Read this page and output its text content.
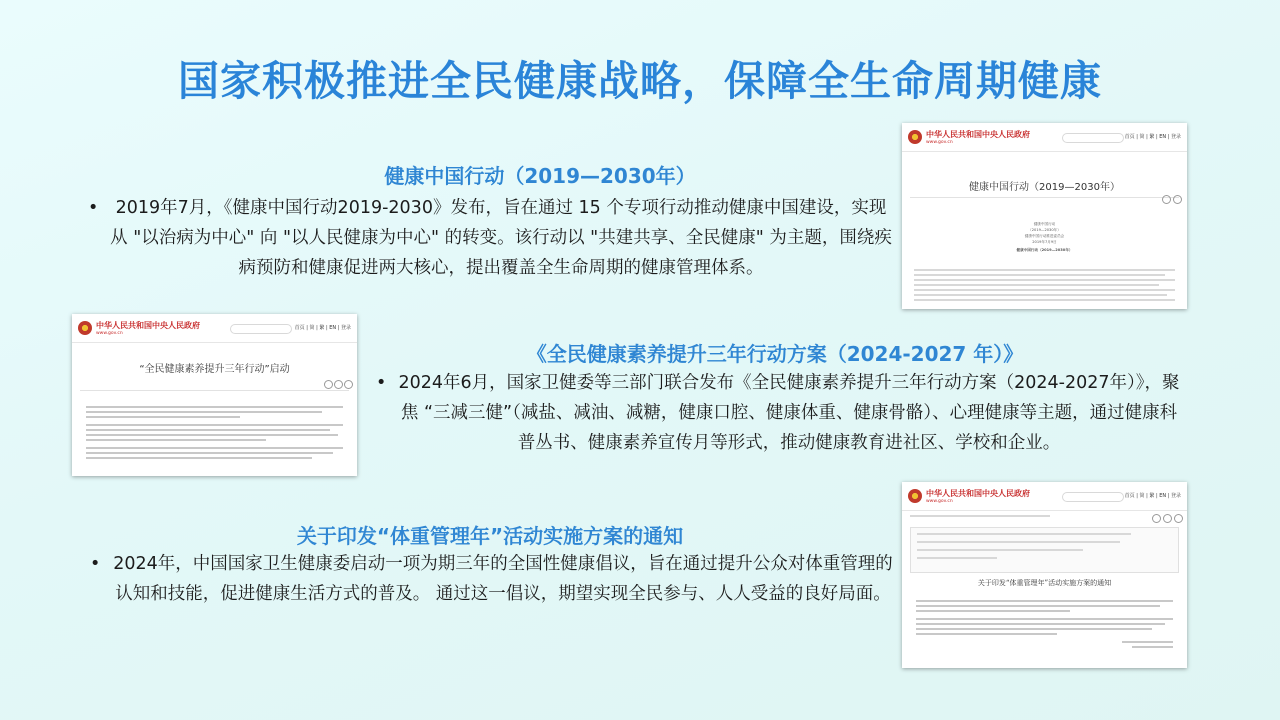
国家积极推进全民健康战略，保障全生命周期健康
健康中国行动（2019—2030年）
• 2019年7月，《健康中国行动2019-2030》发布，旨在通过 15 个专项行动推动健康中国建设，实现从 "以治病为中心" 向 "以人民健康为中心" 的转变。该行动以 "共建共享、全民健康" 为主题，围绕疾病预防和健康促进两大核心，提出覆盖全生命周期的健康管理体系。
《全民健康素养提升三年行动方案（2024-2027 年）》
• 2024年6月，国家卫健委等三部门联合发布《全民健康素养提升三年行动方案（2024-2027年）》，聚焦 “三减三健”（减盐、减油、减糖，健康口腔、健康体重、健康骨骼）、心理健康等主题，通过健康科普丛书、健康素养宣传月等形式，推动健康教育进社区、学校和企业。
关于印发“体重管理年”活动实施方案的通知
• 2024年，中国国家卫生健康委启动一项为期三年的全国性健康倡议，旨在通过提升公众对体重管理的认知和技能，促进健康生活方式的普及。 通过这一倡议，期望实现全民参与、人人受益的良好局面。
中华人民共和国中央人民政府
www.gov.cn
首页 | 简 | 繁 | EN | 登录
健康中国行动（2019—2030年）
健康中国行动
（2019—2030年）
健康中国行动推进委员会
2019年7月9日
健康中国行动（2019—2030年）
中华人民共和国中央人民政府
www.gov.cn
首页 | 简 | 繁 | EN | 登录
“全民健康素养提升三年行动”启动
中华人民共和国中央人民政府
www.gov.cn
首页 | 简 | 繁 | EN | 登录
关于印发“体重管理年”活动实施方案的通知
